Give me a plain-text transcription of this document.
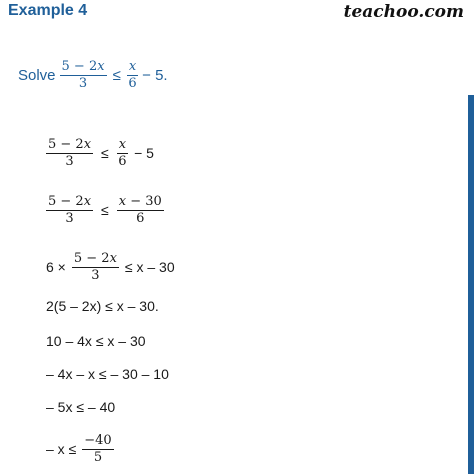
Example 4	teachoo.com
Solve $\frac{5 - 2x}{3} \le \frac{x}{6} - 5$.
$\frac{5 - 2x}{3} \le \frac{x}{6} - 5$
$\frac{5 - 2x}{3} \le \frac{x - 30}{6}$
$6 \times \frac{5 - 2x}{3} \le x - 30$
2(5 – 2x) ≤ x – 30.
10 – 4x ≤ x – 30
– 4x – x ≤ – 30 – 10
– 5x ≤ – 40
– $x \le \frac{-40}{5}$
